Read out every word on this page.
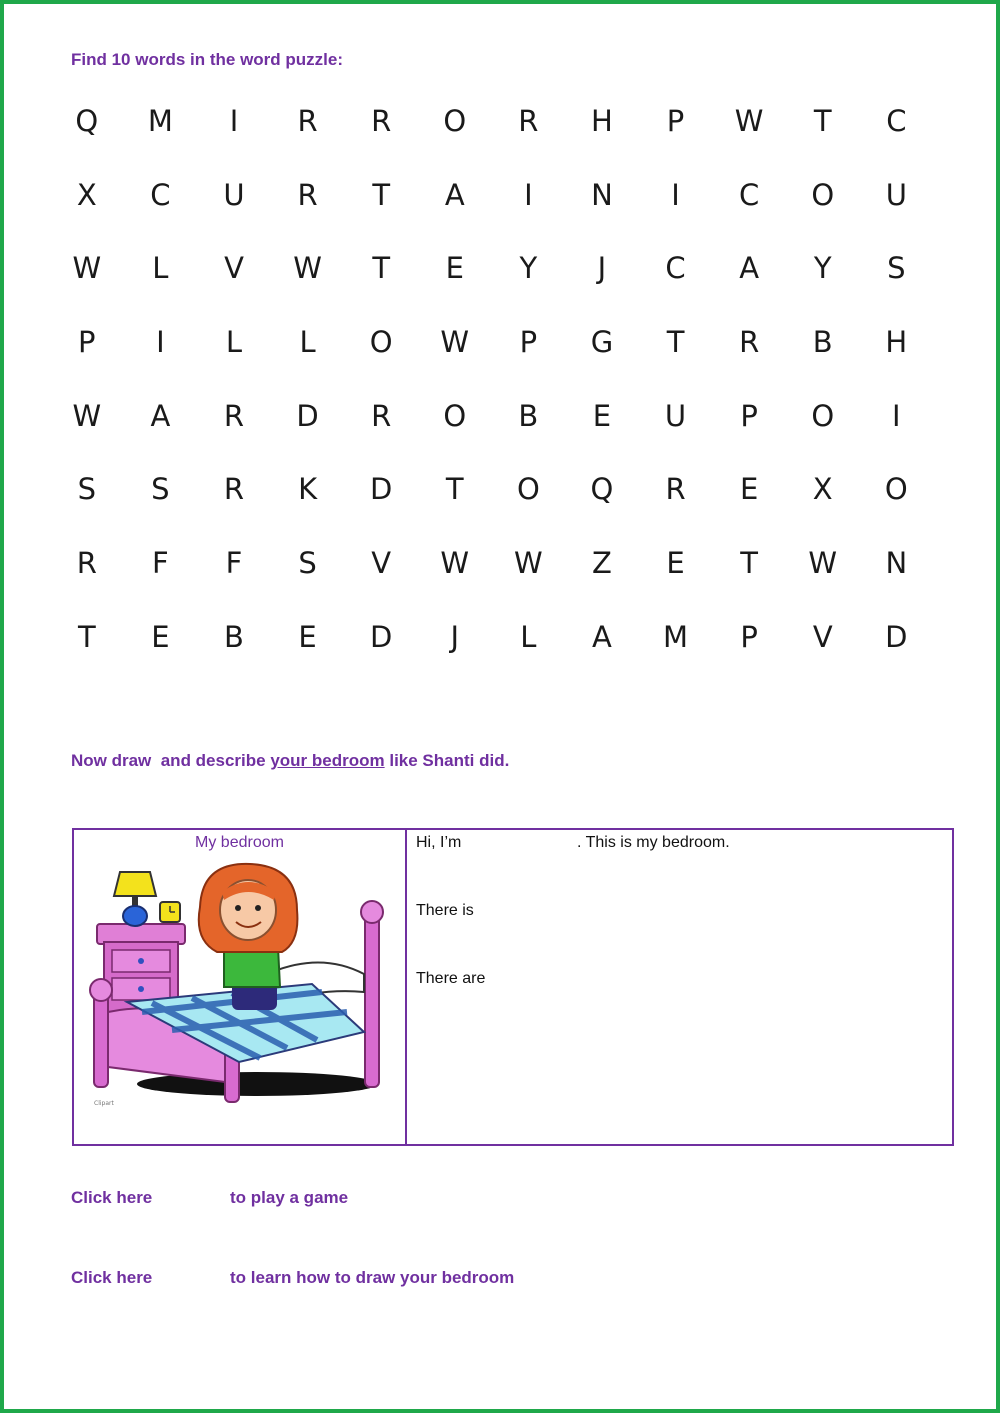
Find 10 words in the word puzzle:
Q	M	I	R	R	O	R	H	P	W	T	C
X	C	U	R	T	A	I	N	I	C	O	U
W	L	V	W	T	E	Y	J	C	A	Y	S
P	I	L	L	O	W	P	G	T	R	B	H
W	A	R	D	R	O	B	E	U	P	O	I
S	S	R	K	D	T	O	Q	R	E	X	O
R	F	F	S	V	W	W	Z	E	T	W	N
T	E	B	E	D	J	L	A	M	P	V	D
Now draw  and describe your bedroom like Shanti did.
My bedroom
Clipart
Hi, I’m	. This is my bedroom.
There is
There are
Click here	to play a game
Click here	to learn how to draw your bedroom
